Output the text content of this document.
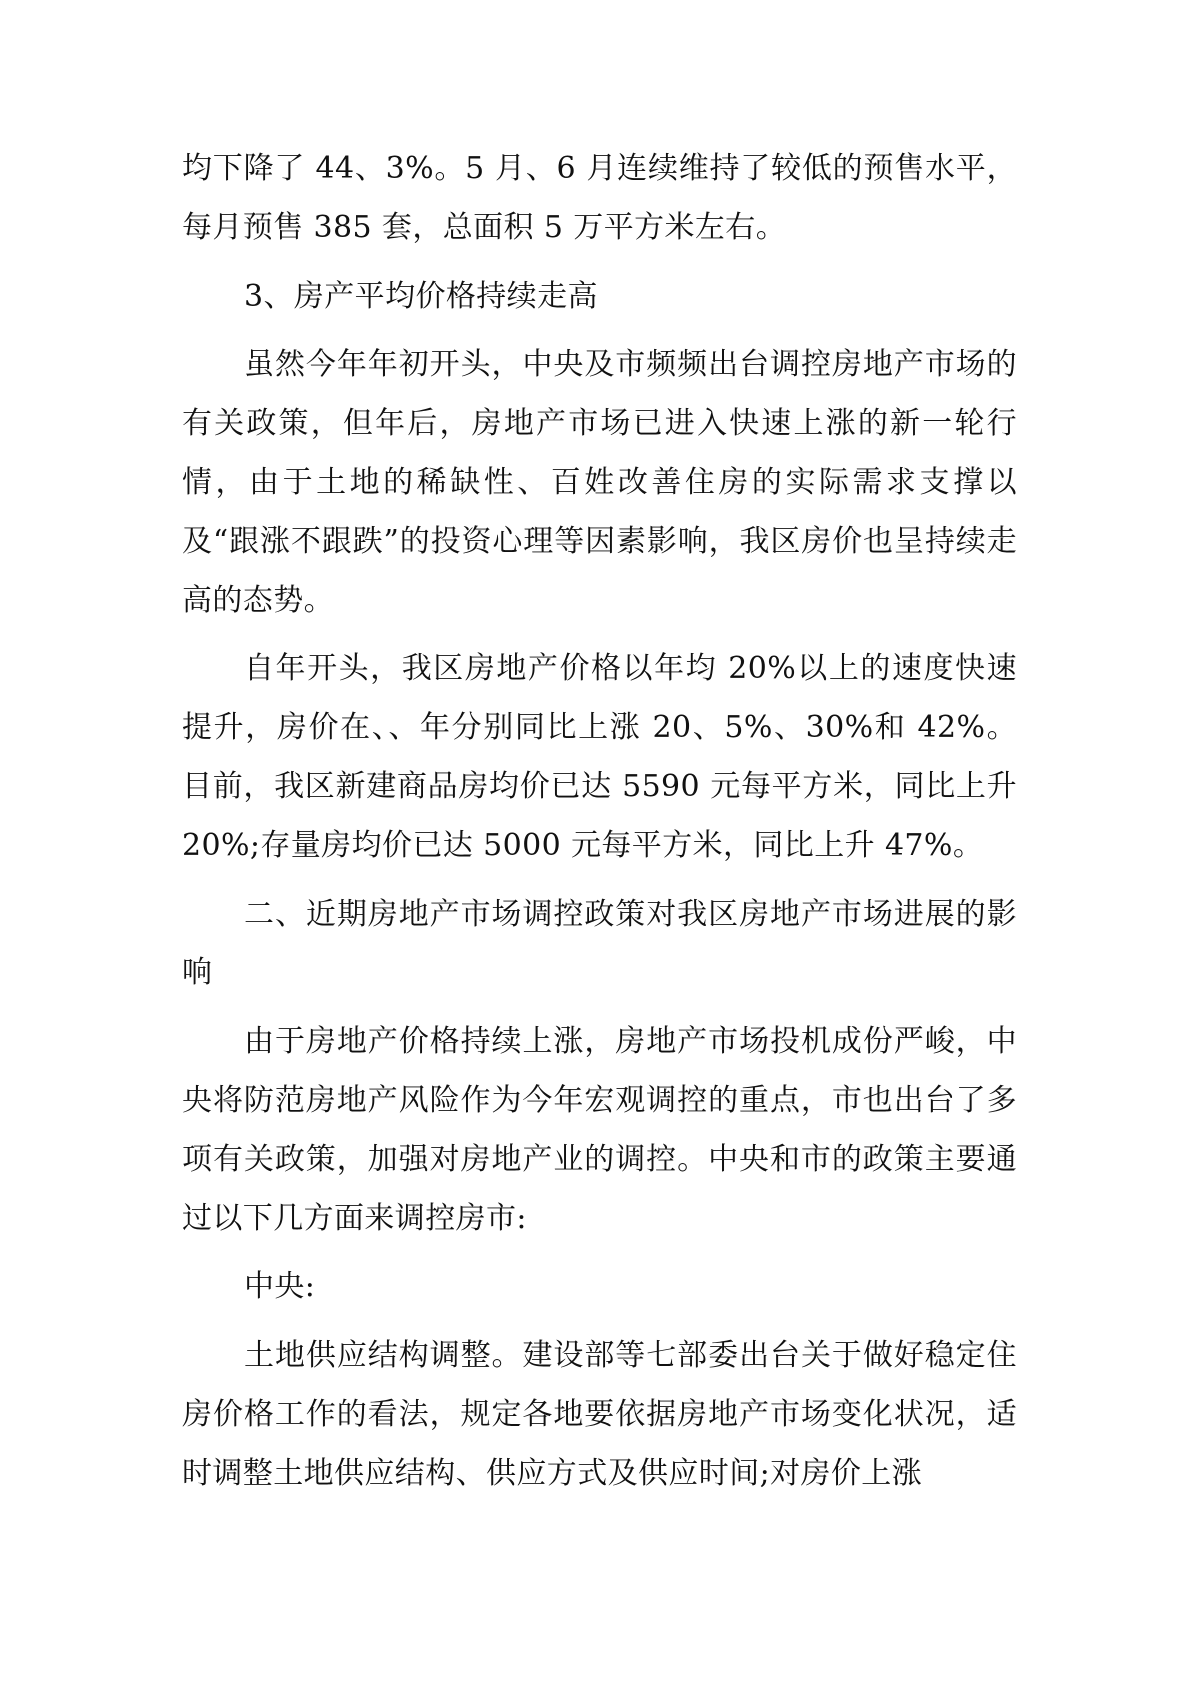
均下降了 44、3%。5 月、6 月连续维持了较低的预售水平，每月预售 385 套，总面积 5 万平方米左右。

3、房产平均价格持续走高

虽然今年年初开头，中央及市频频出台调控房地产市场的有关政策，但年后，房地产市场已进入快速上涨的新一轮行情，由于土地的稀缺性、百姓改善住房的实际需求支撑以及“跟涨不跟跌”的投资心理等因素影响，我区房价也呈持续走高的态势。

自年开头，我区房地产价格以年均 20%以上的速度快速提升，房价在、、年分别同比上涨 20、5%、30%和 42%。目前，我区新建商品房均价已达 5590 元每平方米，同比上升 20%;存量房均价已达 5000 元每平方米，同比上升 47%。

二、近期房地产市场调控政策对我区房地产市场进展的影响

由于房地产价格持续上涨，房地产市场投机成份严峻，中央将防范房地产风险作为今年宏观调控的重点，市也出台了多项有关政策，加强对房地产业的调控。中央和市的政策主要通过以下几方面来调控房市:

中央:

土地供应结构调整。建设部等七部委出台关于做好稳定住房价格工作的看法，规定各地要依据房地产市场变化状况，适时调整土地供应结构、供应方式及供应时间;对房价上涨
